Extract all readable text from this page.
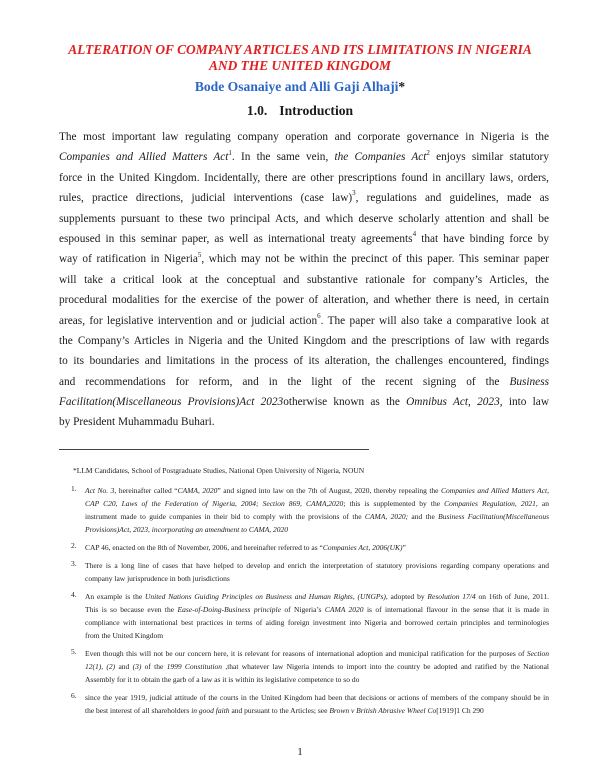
ALTERATION OF COMPANY ARTICLES AND ITS LIMITATIONS IN NIGERIA
AND THE UNITED KINGDOM
Bode Osanaiye and Alli Gaji Alhaji*
1.0. Introduction
The most important law regulating company operation and corporate governance in Nigeria is the
Companies and Allied Matters Act$^1$. In the same vein, the Companies Act$^2$ enjoys similar statutory
force in the United Kingdom. Incidentally, there are other prescriptions found in ancillary laws, orders,
rules, practice directions, judicial interventions (case law)$^3$, regulations and guidelines, made as
supplements pursuant to these two principal Acts, and which deserve scholarly attention and shall be
espoused in this seminar paper, as well as international treaty agreements$^4$ that have binding force by
way of ratification in Nigeria$^5$, which may not be within the precinct of this paper. This seminar paper
will take a critical look at the conceptual and substantive rationale for company’s Articles, the
procedural modalities for the exercise of the power of alteration, and whether there is need, in certain
areas, for legislative intervention and or judicial action$^6$. The paper will also take a comparative look at
the Company’s Articles in Nigeria and the United Kingdom and the prescriptions of law with regards
to its boundaries and limitations in the process of its alteration, the challenges encountered, findings
and recommendations for reform, and in the light of the recent signing of the Business
Facilitation(Miscellaneous Provisions)Act 2023otherwise known as the Omnibus Act, 2023, into law
by President Muhammadu Buhari.
*LLM Candidates, School of Postgraduate Studies, National Open University of Nigeria, NOUN
1. Act No. 3, hereinafter called “CAMA, 2020” and signed into law on the 7th of August, 2020, thereby repealing the Companies and Allied Matters Act,
CAP C20, Laws of the Federation of Nigeria, 2004; Section 869, CAMA,2020; this is supplemented by the Companies Regulation, 2021, an
instrument made to guide companies in their bid to comply with the provisions of the CAMA, 2020; and the Business Facilitation(Miscellaneous
Provisions)Act, 2023, incorporating an amendment to CAMA, 2020
2. CAP 46, enacted on the 8th of November, 2006, and hereinafter referred to as “Companies Act, 2006(UK)”
3. There is a long line of cases that have helped to develop and enrich the interpretation of statutory provisions regarding company operations and
company law jurisprudence in both jurisdictions
4. An example is the United Nations Guiding Principles on Business and Human Rights, (UNGPs), adopted by Resolution 17/4 on 16th of June, 2011.
This is so because even the Ease-of-Doing-Business principle of Nigeria’s CAMA 2020 is of international flavour in the sense that it is made in
compliance with international best practices in terms of aiding foreign investment into Nigeria and borrowed certain principles and terminologies
from the United Kingdom
5. Even though this will not be our concern here, it is relevant for reasons of international adoption and municipal ratification for the purposes of Section
12(1), (2) and (3) of the 1999 Constitution ,that whatever law Nigeria intends to import into the country be adopted and ratified by the National
Assembly for it to obtain the garb of a law as it is within its legislative competence to so do
6. since the year 1919, judicial attitude of the courts in the United Kingdom had been that decisions or actions of members of the company should be in
the best interest of all shareholders in good faith and pursuant to the Articles; see Brown v British Abrasive Wheel Co[1919]1 Ch 290
1
